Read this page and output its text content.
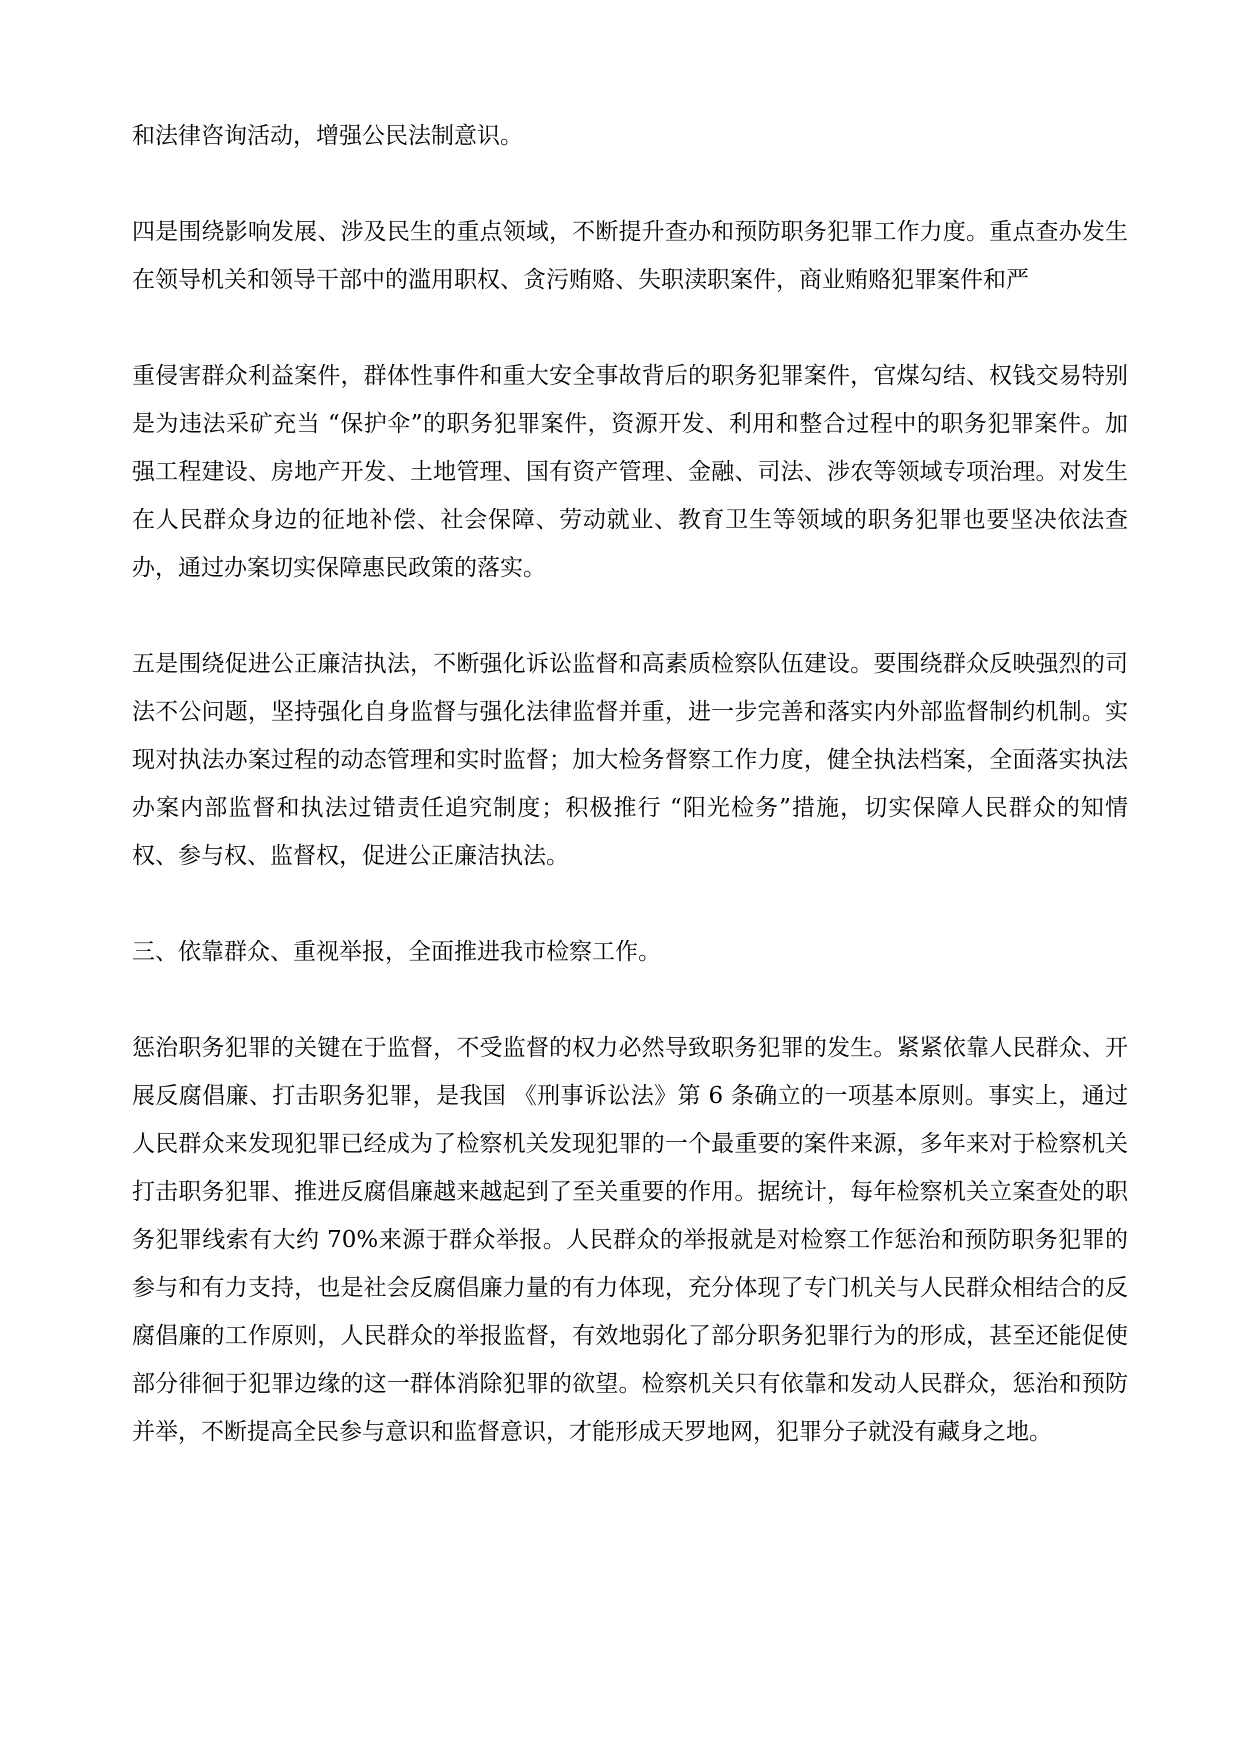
和法律咨询活动，增强公民法制意识。

四是围绕影响发展、涉及民生的重点领域，不断提升查办和预防职务犯罪工作力度。重点查办发生在领导机关和领导干部中的滥用职权、贪污贿赂、失职渎职案件，商业贿赂犯罪案件和严

重侵害群众利益案件，群体性事件和重大安全事故背后的职务犯罪案件，官煤勾结、权钱交易特别是为违法采矿充当 “保护伞”的职务犯罪案件，资源开发、利用和整合过程中的职务犯罪案件。加强工程建设、房地产开发、土地管理、国有资产管理、金融、司法、涉农等领域专项治理。对发生在人民群众身边的征地补偿、社会保障、劳动就业、教育卫生等领域的职务犯罪也要坚决依法查办，通过办案切实保障惠民政策的落实。

五是围绕促进公正廉洁执法，不断强化诉讼监督和高素质检察队伍建设。要围绕群众反映强烈的司法不公问题，坚持强化自身监督与强化法律监督并重，进一步完善和落实内外部监督制约机制。实现对执法办案过程的动态管理和实时监督；加大检务督察工作力度，健全执法档案，全面落实执法办案内部监督和执法过错责任追究制度；积极推行 “阳光检务”措施，切实保障人民群众的知情权、参与权、监督权，促进公正廉洁执法。

三、依靠群众、重视举报，全面推进我市检察工作。

惩治职务犯罪的关键在于监督，不受监督的权力必然导致职务犯罪的发生。紧紧依靠人民群众、开展反腐倡廉、打击职务犯罪，是我国 《刑事诉讼法》第 6 条确立的一项基本原则。事实上，通过人民群众来发现犯罪已经成为了检察机关发现犯罪的一个最重要的案件来源，多年来对于检察机关打击职务犯罪、推进反腐倡廉越来越起到了至关重要的作用。据统计，每年检察机关立案查处的职务犯罪线索有大约 70%来源于群众举报。人民群众的举报就是对检察工作惩治和预防职务犯罪的参与和有力支持，也是社会反腐倡廉力量的有力体现，充分体现了专门机关与人民群众相结合的反腐倡廉的工作原则，人民群众的举报监督，有效地弱化了部分职务犯罪行为的形成，甚至还能促使部分徘徊于犯罪边缘的这一群体消除犯罪的欲望。检察机关只有依靠和发动人民群众，惩治和预防并举，不断提高全民参与意识和监督意识，才能形成天罗地网，犯罪分子就没有藏身之地。
